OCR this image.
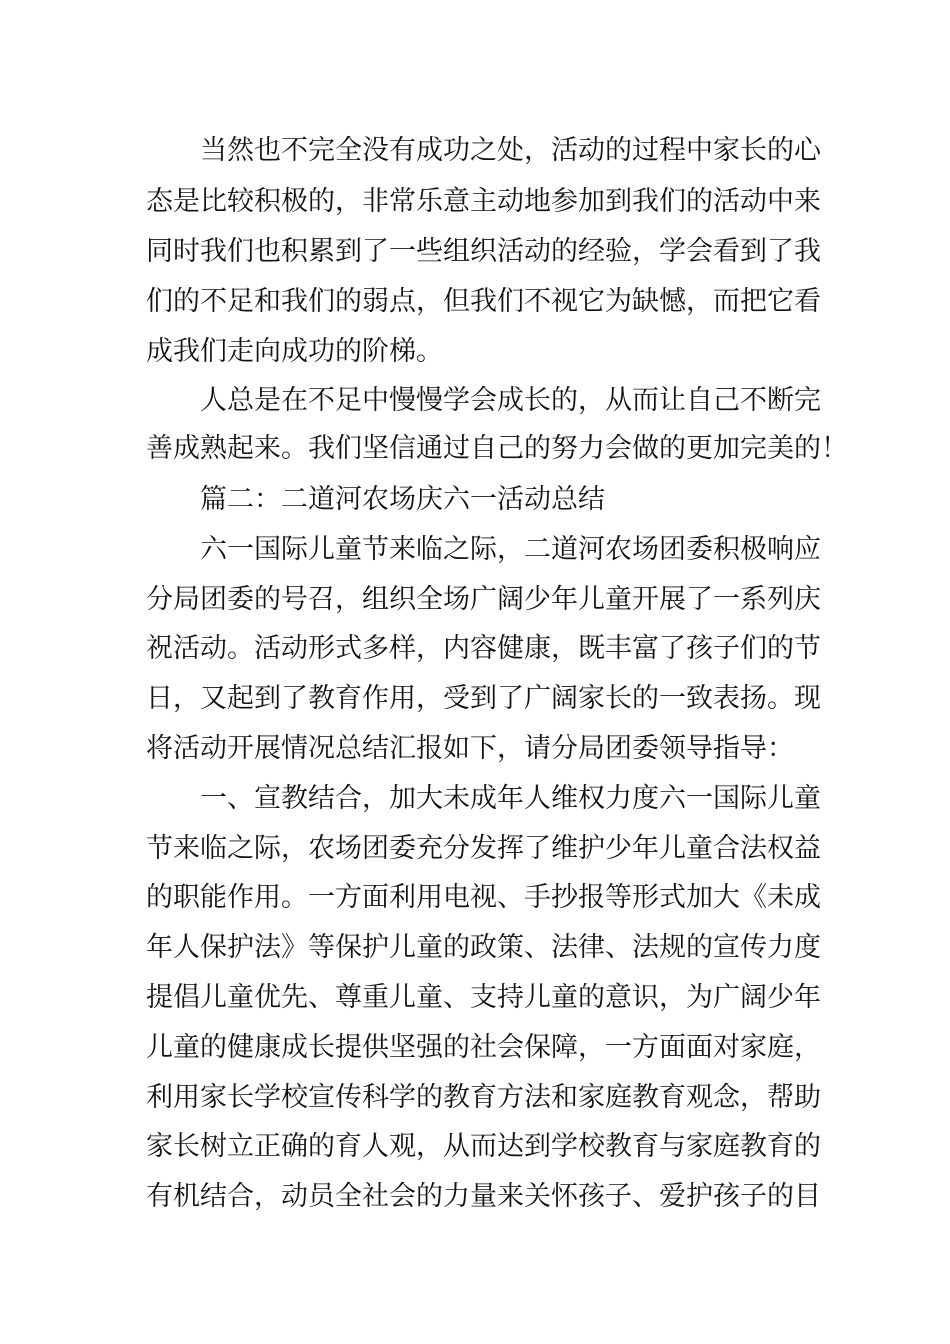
当然也不完全没有成功之处，活动的过程中家长的心
态是比较积极的，非常乐意主动地参加到我们的活动中来
同时我们也积累到了一些组织活动的经验，学会看到了我
们的不足和我们的弱点，但我们不视它为缺憾，而把它看
成我们走向成功的阶梯。
人总是在不足中慢慢学会成长的，从而让自己不断完
善成熟起来。我们坚信通过自己的努力会做的更加完美的！
篇二：二道河农场庆六一活动总结
六一国际儿童节来临之际，二道河农场团委积极响应
分局团委的号召，组织全场广阔少年儿童开展了一系列庆
祝活动。活动形式多样，内容健康，既丰富了孩子们的节
日，又起到了教育作用，受到了广阔家长的一致表扬。现
将活动开展情况总结汇报如下，请分局团委领导指导：
一、宣教结合，加大未成年人维权力度六一国际儿童
节来临之际，农场团委充分发挥了维护少年儿童合法权益
的职能作用。一方面利用电视、手抄报等形式加大《未成
年人保护法》等保护儿童的政策、法律、法规的宣传力度
提倡儿童优先、尊重儿童、支持儿童的意识，为广阔少年
儿童的健康成长提供坚强的社会保障，一方面面对家庭，
利用家长学校宣传科学的教育方法和家庭教育观念，帮助
家长树立正确的育人观，从而达到学校教育与家庭教育的
有机结合，动员全社会的力量来关怀孩子、爱护孩子的目
